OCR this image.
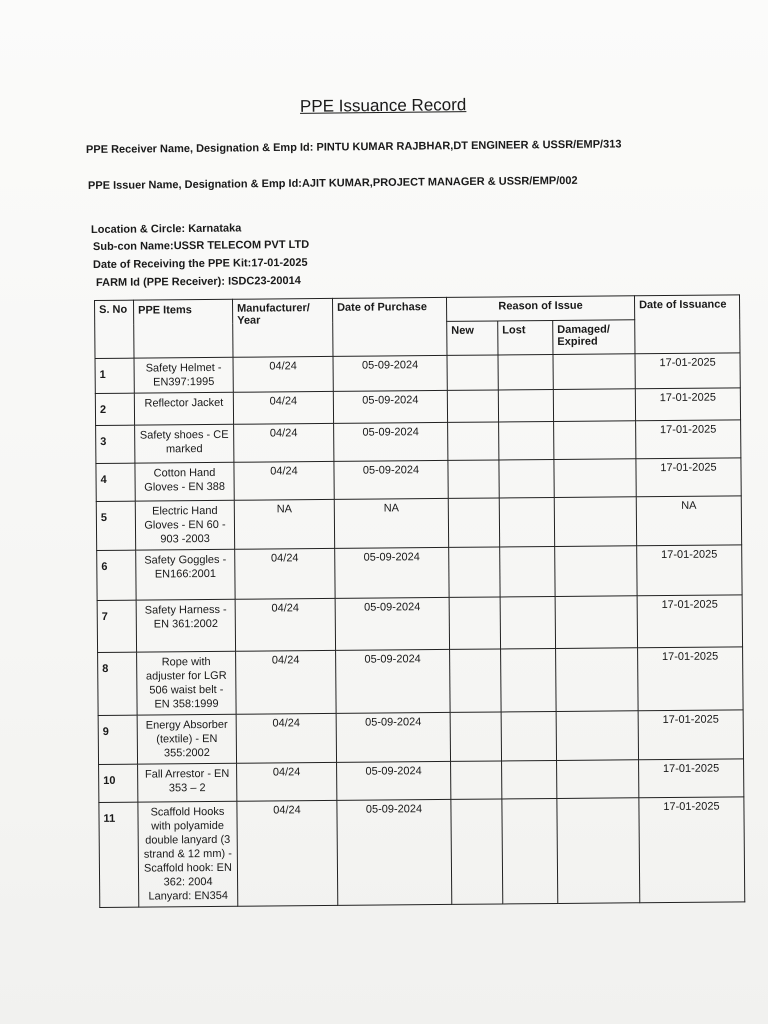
PPE Issuance Record
PPE Receiver Name, Designation & Emp Id: PINTU KUMAR RAJBHAR,DT ENGINEER & USSR/EMP/313
PPE Issuer Name, Designation & Emp Id:AJIT KUMAR,PROJECT MANAGER & USSR/EMP/002
Location & Circle: Karnataka
Sub-con Name:USSR TELECOM PVT LTD
Date of Receiving the PPE Kit:17-01-2025
FARM Id (PPE Receiver): ISDC23-20014
S. No	PPE Items	Manufacturer/ Year	Date of Purchase	Reason of Issue			Date of Issuance
				New	Lost	Damaged/ Expired	
1	Safety Helmet - EN397:1995	04/24	05-09-2024				17-01-2025
2	Reflector Jacket	04/24	05-09-2024				17-01-2025
3	Safety shoes - CE marked	04/24	05-09-2024				17-01-2025
4	Cotton Hand Gloves - EN 388	04/24	05-09-2024				17-01-2025
5	Electric Hand Gloves - EN 60 - 903 -2003	NA	NA				NA
6	Safety Goggles - EN166:2001	04/24	05-09-2024				17-01-2025
7	Safety Harness - EN 361:2002	04/24	05-09-2024				17-01-2025
8	Rope with adjuster for LGR 506 waist belt - EN 358:1999	04/24	05-09-2024				17-01-2025
9	Energy Absorber (textile) - EN 355:2002	04/24	05-09-2024				17-01-2025
10	Fall Arrestor - EN 353 – 2	04/24	05-09-2024				17-01-2025
11	Scaffold Hooks with polyamide double lanyard (3 strand & 12 mm) - Scaffold hook: EN 362: 2004 Lanyard: EN354	04/24	05-09-2024				17-01-2025
